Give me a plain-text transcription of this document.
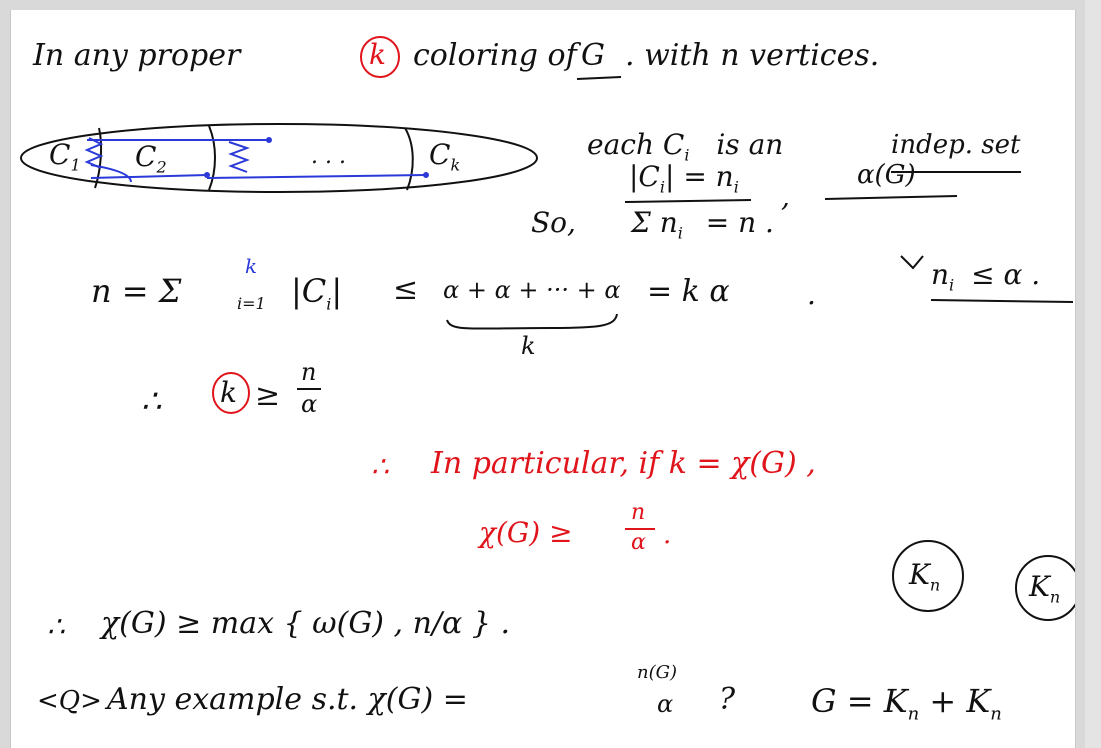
In any proper	k coloring of G . with n vertices.
$C_1$ $C_2$	. . .	$C_k$
each $C_i$ is an	indep. set
$|C_i| = n_i$ ,
α(G)
So, Σ $n_i = n$ .
$n_i \le \alpha$ .
n = Σ
k
i=1 $|C_i| \le \alpha + \alpha$ + ··· + α = k α	.
k
∴ k ≥
n
α
∴ In particular, if k = χ(G) ,
χ(G) ≥
n
α .
∴ χ(G) ≥ max { ω(G) , n/α } .
$K_n$	$K_n$
<Q> Any example s.t. χ(G) =
n(G)
α ? $G = K_n + K_n$
